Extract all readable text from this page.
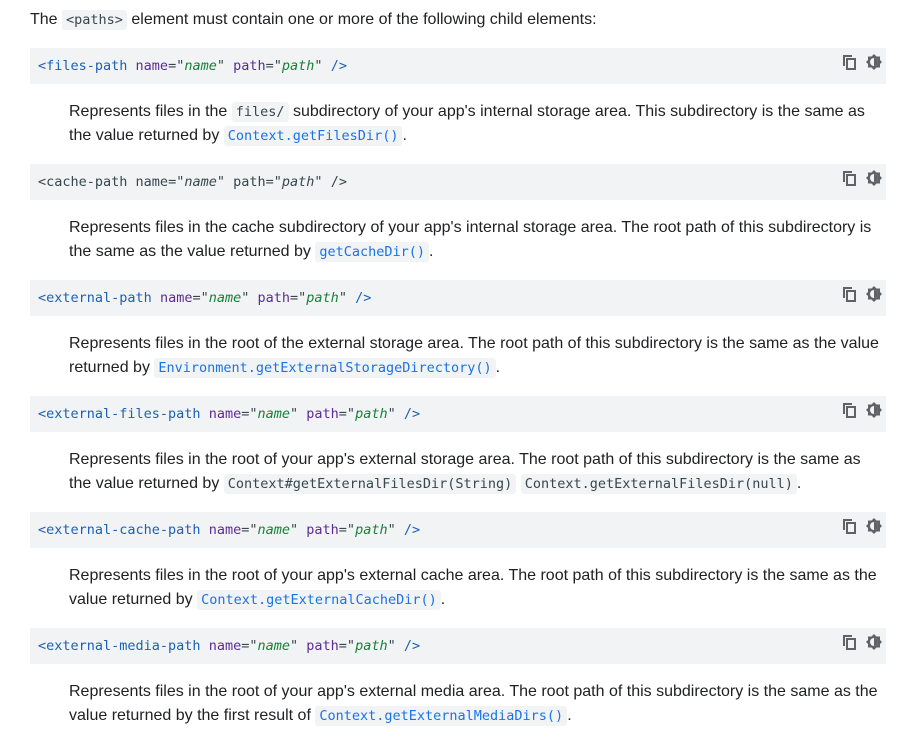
The <paths> element must contain one or more of the following child elements:
<files-path name="name" path="path" />
Represents files in the files/ subdirectory of your app's internal storage area. This subdirectory is the same as the value returned by Context.getFilesDir() .
<cache-path name="name" path="path" />
Represents files in the cache subdirectory of your app's internal storage area. The root path of this subdirectory is the same as the value returned by getCacheDir() .
<external-path name="name" path="path" />
Represents files in the root of the external storage area. The root path of this subdirectory is the same as the value returned by Environment.getExternalStorageDirectory() .
<external-files-path name="name" path="path" />
Represents files in the root of your app's external storage area. The root path of this subdirectory is the same as the value returned by Context#getExternalFilesDir(String) Context.getExternalFilesDir(null) .
<external-cache-path name="name" path="path" />
Represents files in the root of your app's external cache area. The root path of this subdirectory is the same as the value returned by Context.getExternalCacheDir() .
<external-media-path name="name" path="path" />
Represents files in the root of your app's external media area. The root path of this subdirectory is the same as the value returned by the first result of Context.getExternalMediaDirs() .
